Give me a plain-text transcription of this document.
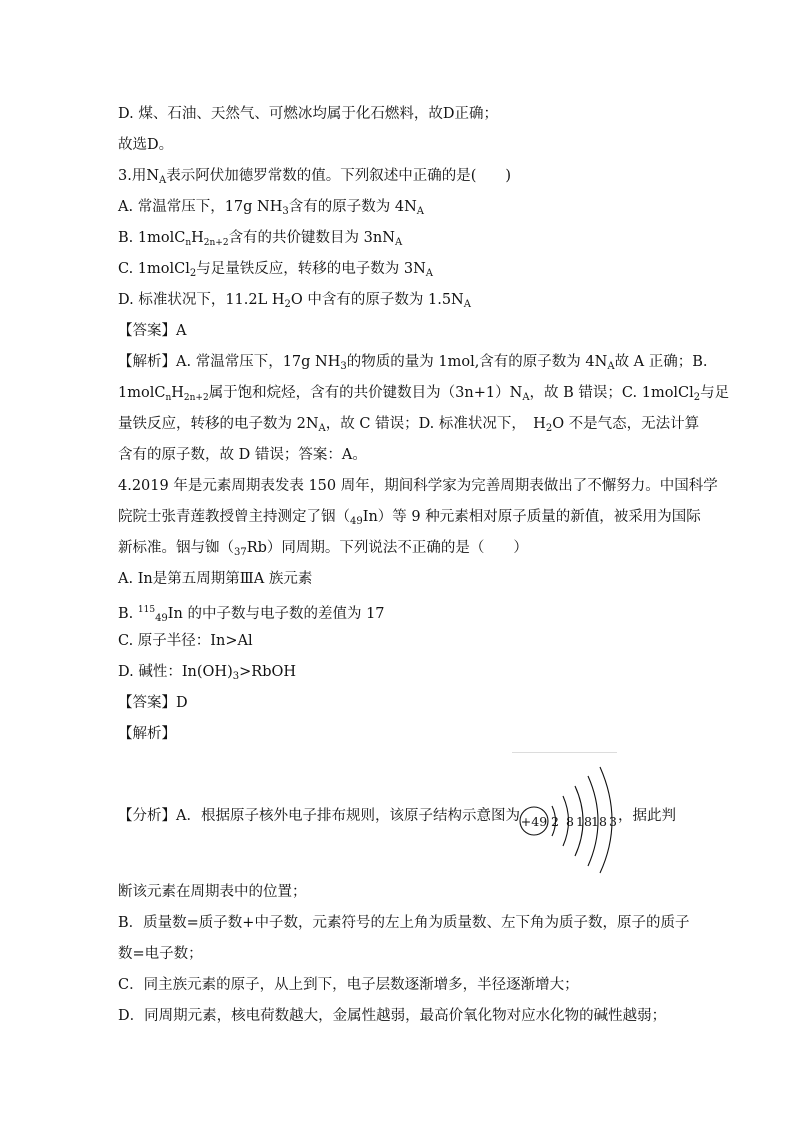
D. 煤、石油、天然气、可燃冰均属于化石燃料，故D正确；
故选D。
3.用$N_A$表示阿伏加德罗常数的值。下列叙述中正确的是(　　)
A. 常温常压下，17g $NH_3$含有的原子数为 $4N_A$
B. $1molC_nH_{2n+2}$含有的共价键数目为 $3nN_A$
C. 1molCl$_2$与足量铁反应，转移的电子数为 $3N_A$
D. 标准状况下，11.2L $H_2O$ 中含有的原子数为 $1.5N_A$
【答案】A
【解析】A. 常温常压下，17g $NH_3$的物质的量为 1mol,含有的原子数为 $4N_A$故 A 正确；B.
$1molC_nH_{2n+2}$属于饱和烷烃，含有的共价键数目为$(3n+1)N_A$，故 B 错误；C. 1molCl$_2$与足
量铁反应，转移的电子数为 $2N_A$，故 C 错误；D. 标准状况下，　$H_2O$ 不是气态，无法计算
含有的原子数，故 D 错误；答案：A。
4.2019 年是元素周期表发表 150 周年，期间科学家为完善周期表做出了不懈努力。中国科学
院院士张青莲教授曾主持测定了铟$(_{49}In)$等 9 种元素相对原子质量的新值，被采用为国际
新标准。铟与铷$(_{37}Rb)$同周期。下列说法不正确的是（　　）
A. In是第五周期第ⅢA 族元素
B. $^{115}_{49}$In 的中子数与电子数的差值为 17
C. 原子半径：In>Al
D. 碱性：$In(OH)_3>RbOH$
【答案】D
【解析】
【分析】A．根据原子核外电子排布规则，该原子结构示意图为	，据此判
+49 2 8 18 18 3
断该元素在周期表中的位置；
B．质量数=质子数+中子数，元素符号的左上角为质量数、左下角为质子数，原子的质子
数=电子数；
C．同主族元素的原子，从上到下，电子层数逐渐增多，半径逐渐增大；
D．同周期元素，核电荷数越大，金属性越弱，最高价氧化物对应水化物的碱性越弱；
